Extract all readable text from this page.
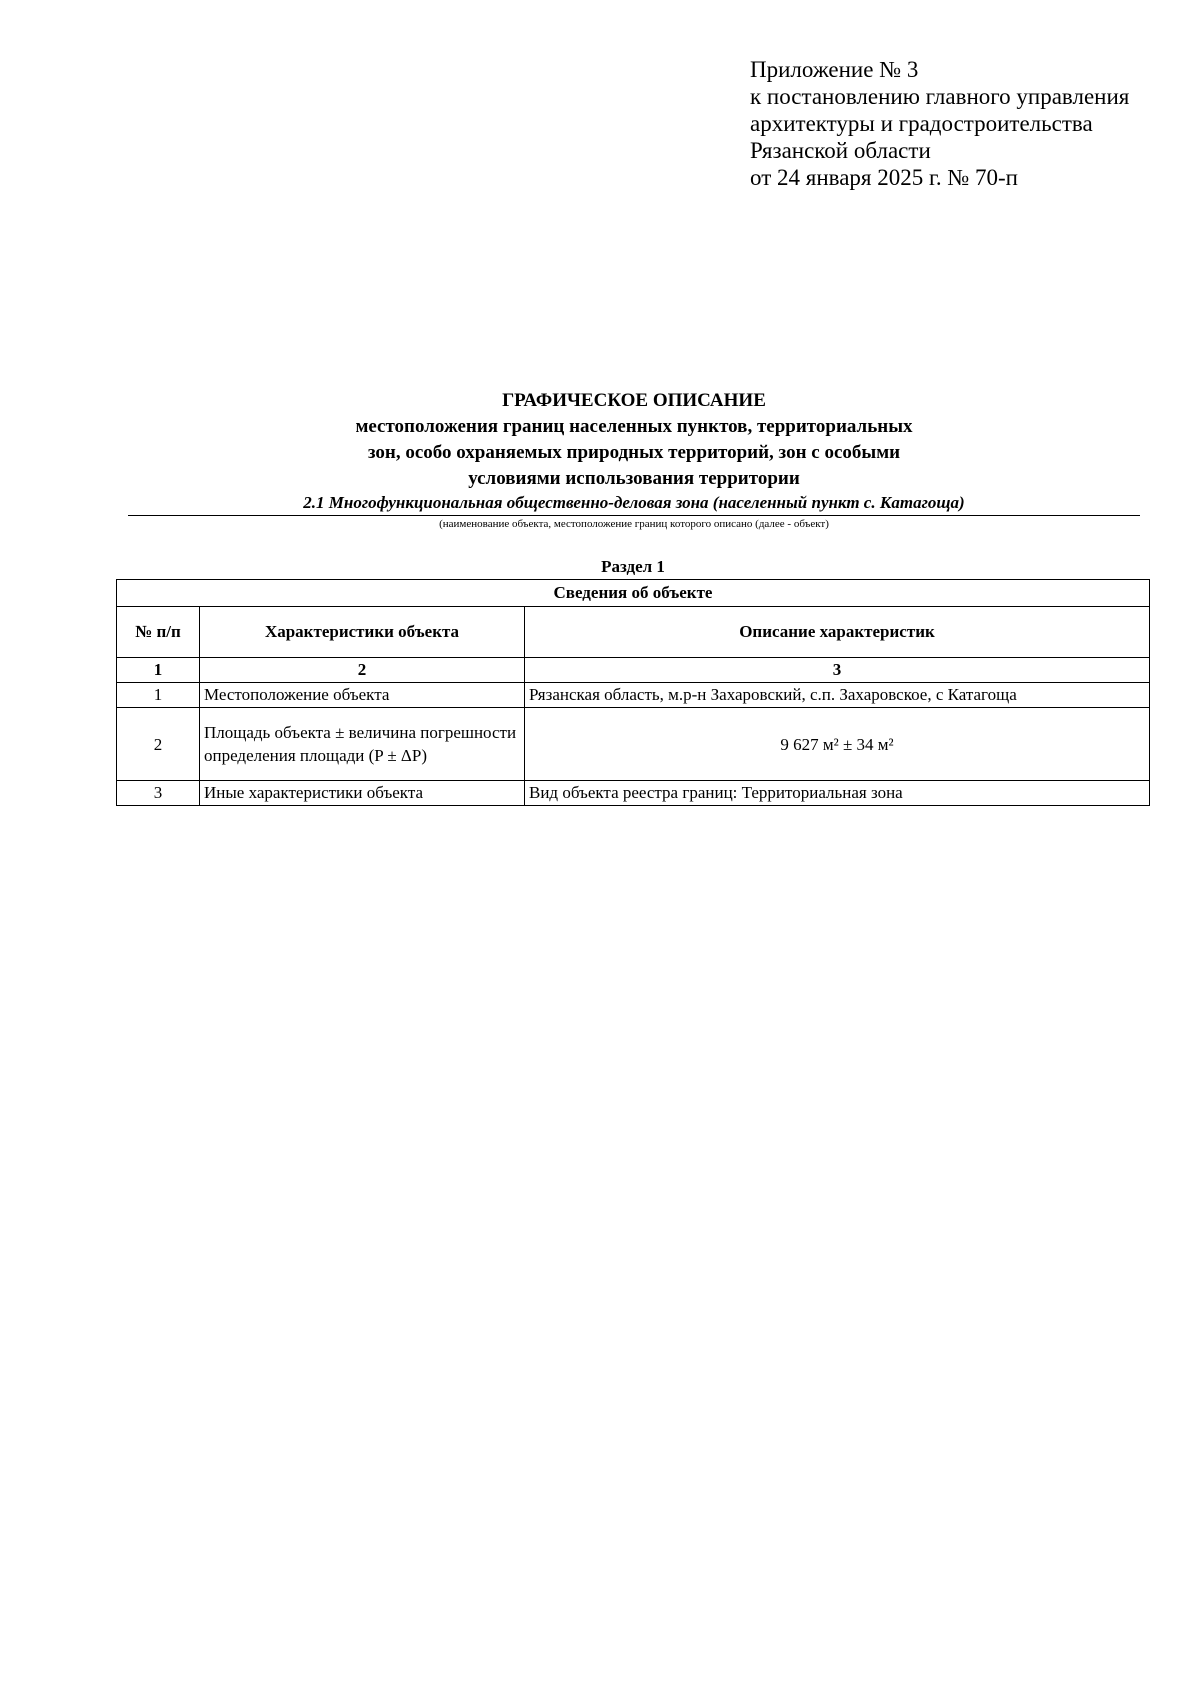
Приложение № 3
к постановлению главного управления
архитектуры и градостроительства
Рязанской области
от 24 января 2025 г. № 70-п
ГРАФИЧЕСКОЕ ОПИСАНИЕ
местоположения границ населенных пунктов, территориальных
зон, особо охраняемых природных территорий, зон с особыми
условиями использования территории
2.1 Многофункциональная общественно-деловая зона (населенный пункт с. Катагоща)
(наименование объекта, местоположение границ которого описано (далее - объект)
Раздел 1
Сведения об объекте		
№ п/п	Характеристики объекта	Описание характеристик
1	2	3
1	Местоположение объекта	Рязанская область, м.р-н Захаровский, с.п. Захаровское, с Катагоща
2	Площадь объекта ± величина погрешности определения площади (P ± ΔP)	9 627 м² ± 34 м²
3	Иные характеристики объекта	Вид объекта реестра границ: Территориальная зона
